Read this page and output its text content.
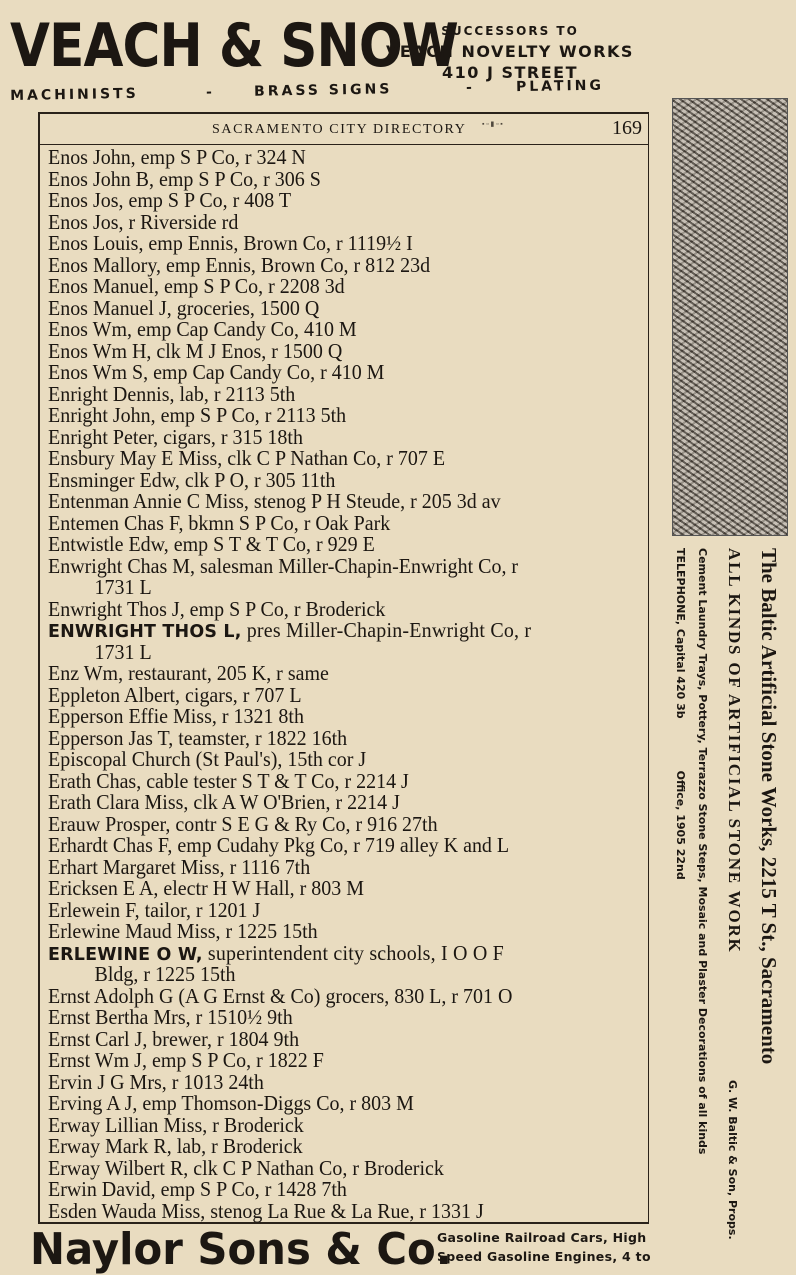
VEACH & SNOW
SUCCESSORS TO
VEACH NOVELTY WORKS
410 J STREET
MACHINISTS	-	BRASS SIGNS	-	PLATING
SACRAMENTO CITY DIRECTORY ▪ ▫ ▮ ▫ ▪	169
Enos John, emp S P Co, r 324 N
Enos John B, emp S P Co, r 306 S
Enos Jos, emp S P Co, r 408 T
Enos Jos, r Riverside rd
Enos Louis, emp Ennis, Brown Co, r 1119½ I
Enos Mallory, emp Ennis, Brown Co, r 812 23d
Enos Manuel, emp S P Co, r 2208 3d
Enos Manuel J, groceries, 1500 Q
Enos Wm, emp Cap Candy Co, 410 M
Enos Wm H, clk M J Enos, r 1500 Q
Enos Wm S, emp Cap Candy Co, r 410 M
Enright Dennis, lab, r 2113 5th
Enright John, emp S P Co, r 2113 5th
Enright Peter, cigars, r 315 18th
Ensbury May E Miss, clk C P Nathan Co, r 707 E
Ensminger Edw, clk P O, r 305 11th
Entenman Annie C Miss, stenog P H Steude, r 205 3d av
Entemen Chas F, bkmn S P Co, r Oak Park
Entwistle Edw, emp S T & T Co, r 929 E
Enwright Chas M, salesman Miller-Chapin-Enwright Co, r
1731 L
Enwright Thos J, emp S P Co, r Broderick
ENWRIGHT THOS L, pres Miller-Chapin-Enwright Co, r
1731 L
Enz Wm, restaurant, 205 K, r same
Eppleton Albert, cigars, r 707 L
Epperson Effie Miss, r 1321 8th
Epperson Jas T, teamster, r 1822 16th
Episcopal Church (St Paul's), 15th cor J
Erath Chas, cable tester S T & T Co, r 2214 J
Erath Clara Miss, clk A W O'Brien, r 2214 J
Erauw Prosper, contr S E G & Ry Co, r 916 27th
Erhardt Chas F, emp Cudahy Pkg Co, r 719 alley K and L
Erhart Margaret Miss, r 1116 7th
Ericksen E A, electr H W Hall, r 803 M
Erlewein F, tailor, r 1201 J
Erlewine Maud Miss, r 1225 15th
ERLEWINE O W, superintendent city schools, I O O F
Bldg, r 1225 15th
Ernst Adolph G (A G Ernst & Co) grocers, 830 L, r 701 O
Ernst Bertha Mrs, r 1510½ 9th
Ernst Carl J, brewer, r 1804 9th
Ernst Wm J, emp S P Co, r 1822 F
Ervin J G Mrs, r 1013 24th
Erving A J, emp Thomson-Diggs Co, r 803 M
Erway Lillian Miss, r Broderick
Erway Mark R, lab, r Broderick
Erway Wilbert R, clk C P Nathan Co, r Broderick
Erwin David, emp S P Co, r 1428 7th
Esden Wauda Miss, stenog La Rue & La Rue, r 1331 J
The Baltic Artificial Stone Works, 2215 T St., Sacramento
ALL KINDS OF ARTIFICIAL STONE WORK
Cement Laundry Trays, Pottery, Terrazzo Stone Steps, Mosaic and Plaster Decorations of all kinds
TELEPHONE, Capital 420 3bOffice, 1905 22nd
G. W. Baltic & Son, Props.
Naylor Sons & Co.
Gasoline Railroad Cars, High
Speed Gasoline Engines, 4 to
